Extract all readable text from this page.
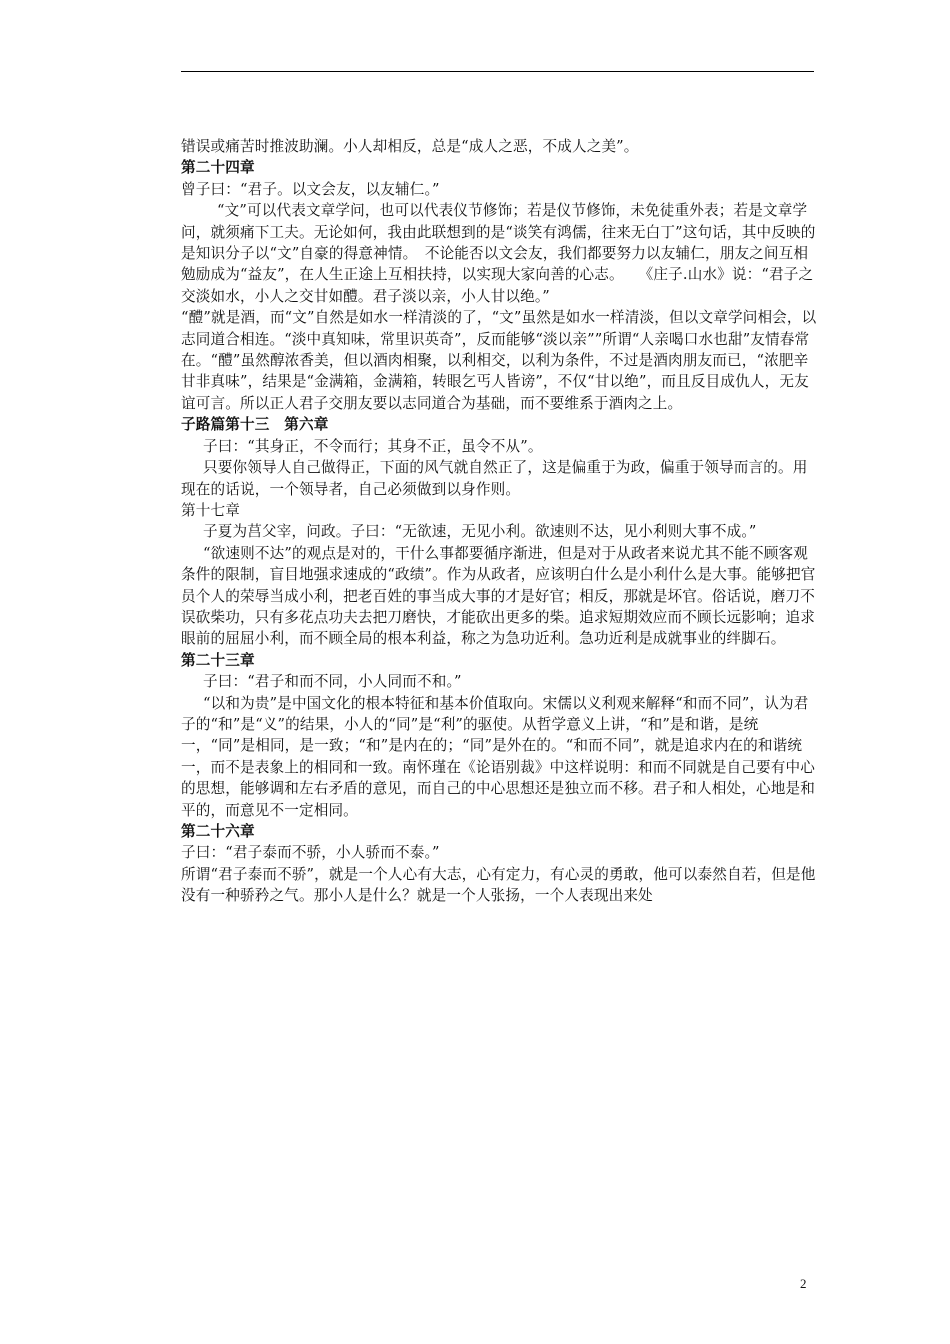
错误或痛苦时推波助澜。小人却相反，总是“成人之恶，不成人之美”。

第二十四章

曾子曰：“君子。以文会友，以友辅仁。”

“文”可以代表文章学问，也可以代表仪节修饰；若是仪节修饰，未免徒重外表；若是文章学问，就须痛下工夫。无论如何，我由此联想到的是“谈笑有鸿儒，往来无白丁”这句话，其中反映的是知识分子以“文”自豪的得意神情。　不论能否以文会友，我们都要努力以友辅仁，朋友之间互相勉励成为“益友”，在人生正途上互相扶持，以实现大家向善的心志。　　《庄子.山水》说：“君子之交淡如水，小人之交甘如醴。君子淡以亲，小人甘以绝。”

“醴”就是酒，而“文”自然是如水一样清淡的了，“文”虽然是如水一样清淡，但以文章学问相会，以志同道合相连。“淡中真知味，常里识英奇”，反而能够“淡以亲””所谓“人亲喝口水也甜”友情春常在。“醴”虽然醇浓香美，但以酒肉相聚，以利相交，以利为条件，不过是酒肉朋友而已，“浓肥辛甘非真味”，结果是“金满箱，金满箱，转眼乞丐人皆谤”，不仅“甘以绝”，而且反目成仇人，无友谊可言。所以正人君子交朋友要以志同道合为基础，而不要维系于酒肉之上。

子路篇第十三　第六章

子曰：“其身正，不令而行；其身不正，虽令不从”。

只要你领导人自己做得正，下面的风气就自然正了，这是偏重于为政，偏重于领导而言的。用现在的话说，一个领导者，自己必须做到以身作则。

第十七章

子夏为莒父宰，问政。子曰：“无欲速，无见小利。欲速则不达，见小利则大事不成。”

“欲速则不达”的观点是对的，干什么事都要循序渐进，但是对于从政者来说尤其不能不顾客观条件的限制，盲目地强求速成的“政绩”。作为从政者，应该明白什么是小利什么是大事。能够把官员个人的荣辱当成小利，把老百姓的事当成大事的才是好官；相反，那就是坏官。俗话说，磨刀不误砍柴功，只有多花点功夫去把刀磨快，才能砍出更多的柴。追求短期效应而不顾长远影响；追求眼前的屈屈小利，而不顾全局的根本利益，称之为急功近利。急功近利是成就事业的绊脚石。

第二十三章

子曰：“君子和而不同，小人同而不和。”

“以和为贵”是中国文化的根本特征和基本价值取向。宋儒以义利观来解释“和而不同”，认为君子的“和”是“义”的结果，小人的“同”是“利”的驱使。从哲学意义上讲，“和”是和谐，是统一，“同”是相同，是一致；“和”是内在的；“同”是外在的。“和而不同”，就是追求内在的和谐统一，而不是表象上的相同和一致。南怀瑾在《论语别裁》中这样说明：和而不同就是自己要有中心的思想，能够调和左右矛盾的意见，而自己的中心思想还是独立而不移。君子和人相处，心地是和平的，而意见不一定相同。

第二十六章

子曰：“君子泰而不骄，小人骄而不泰。”

所谓“君子泰而不骄”，就是一个人心有大志，心有定力，有心灵的勇敢，他可以泰然自若，但是他没有一种骄矜之气。那小人是什么？就是一个人张扬，一个人表现出来处

2
